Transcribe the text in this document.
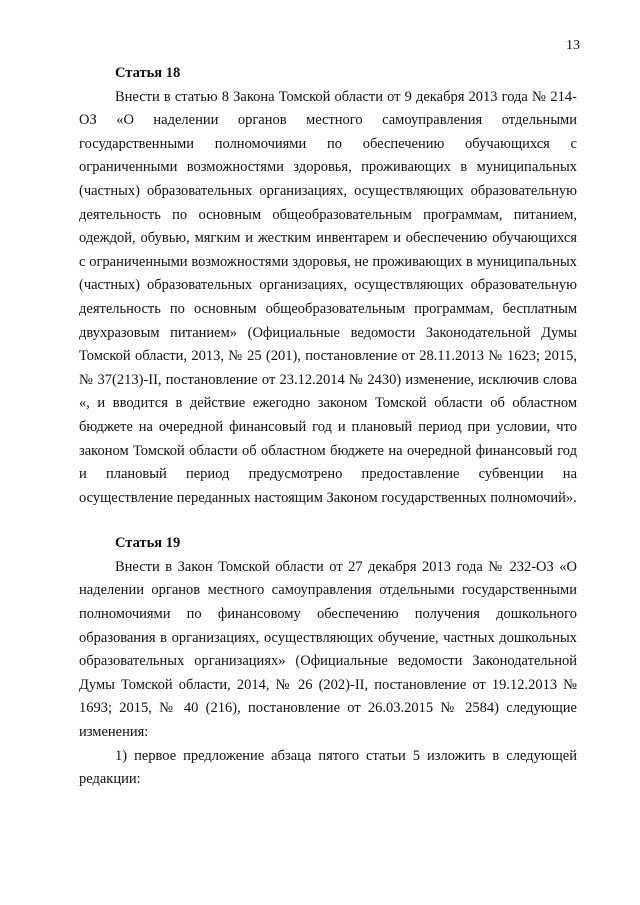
13

Статья 18

Внести в статью 8 Закона Томской области от 9 декабря 2013 года № 214-ОЗ «О наделении органов местного самоуправления отдельными государственными полномочиями по обеспечению обучающихся с ограниченными возможностями здоровья, проживающих в муниципальных (частных) образовательных организациях, осуществляющих образовательную деятельность по основным общеобразовательным программам, питанием, одеждой, обувью, мягким и жестким инвентарем и обеспечению обучающихся с ограниченными возможностями здоровья, не проживающих в муниципальных (частных) образовательных организациях, осуществляющих образовательную деятельность по основным общеобразовательным программам, бесплатным двухразовым питанием» (Официальные ведомости Законодательной Думы Томской области, 2013, № 25 (201), постановление от 28.11.2013 № 1623; 2015, № 37(213)-II, постановление от 23.12.2014 № 2430) изменение, исключив слова «, и вводится в действие ежегодно законом Томской области об областном бюджете на очередной финансовый год и плановый период при условии, что законом Томской области об областном бюджете на очередной финансовый год и плановый период предусмотрено предоставление субвенции на осуществление переданных настоящим Законом государственных полномочий».

Статья 19

Внести в Закон Томской области от 27 декабря 2013 года № 232-ОЗ «О наделении органов местного самоуправления отдельными государственными полномочиями по финансовому обеспечению получения дошкольного образования в организациях, осуществляющих обучение, частных дошкольных образовательных организациях» (Официальные ведомости Законодательной Думы Томской области, 2014, № 26 (202)-II, постановление от 19.12.2013 № 1693; 2015, № 40 (216), постановление от 26.03.2015 № 2584) следующие изменения:

1) первое предложение абзаца пятого статьи 5 изложить в следующей редакции:
